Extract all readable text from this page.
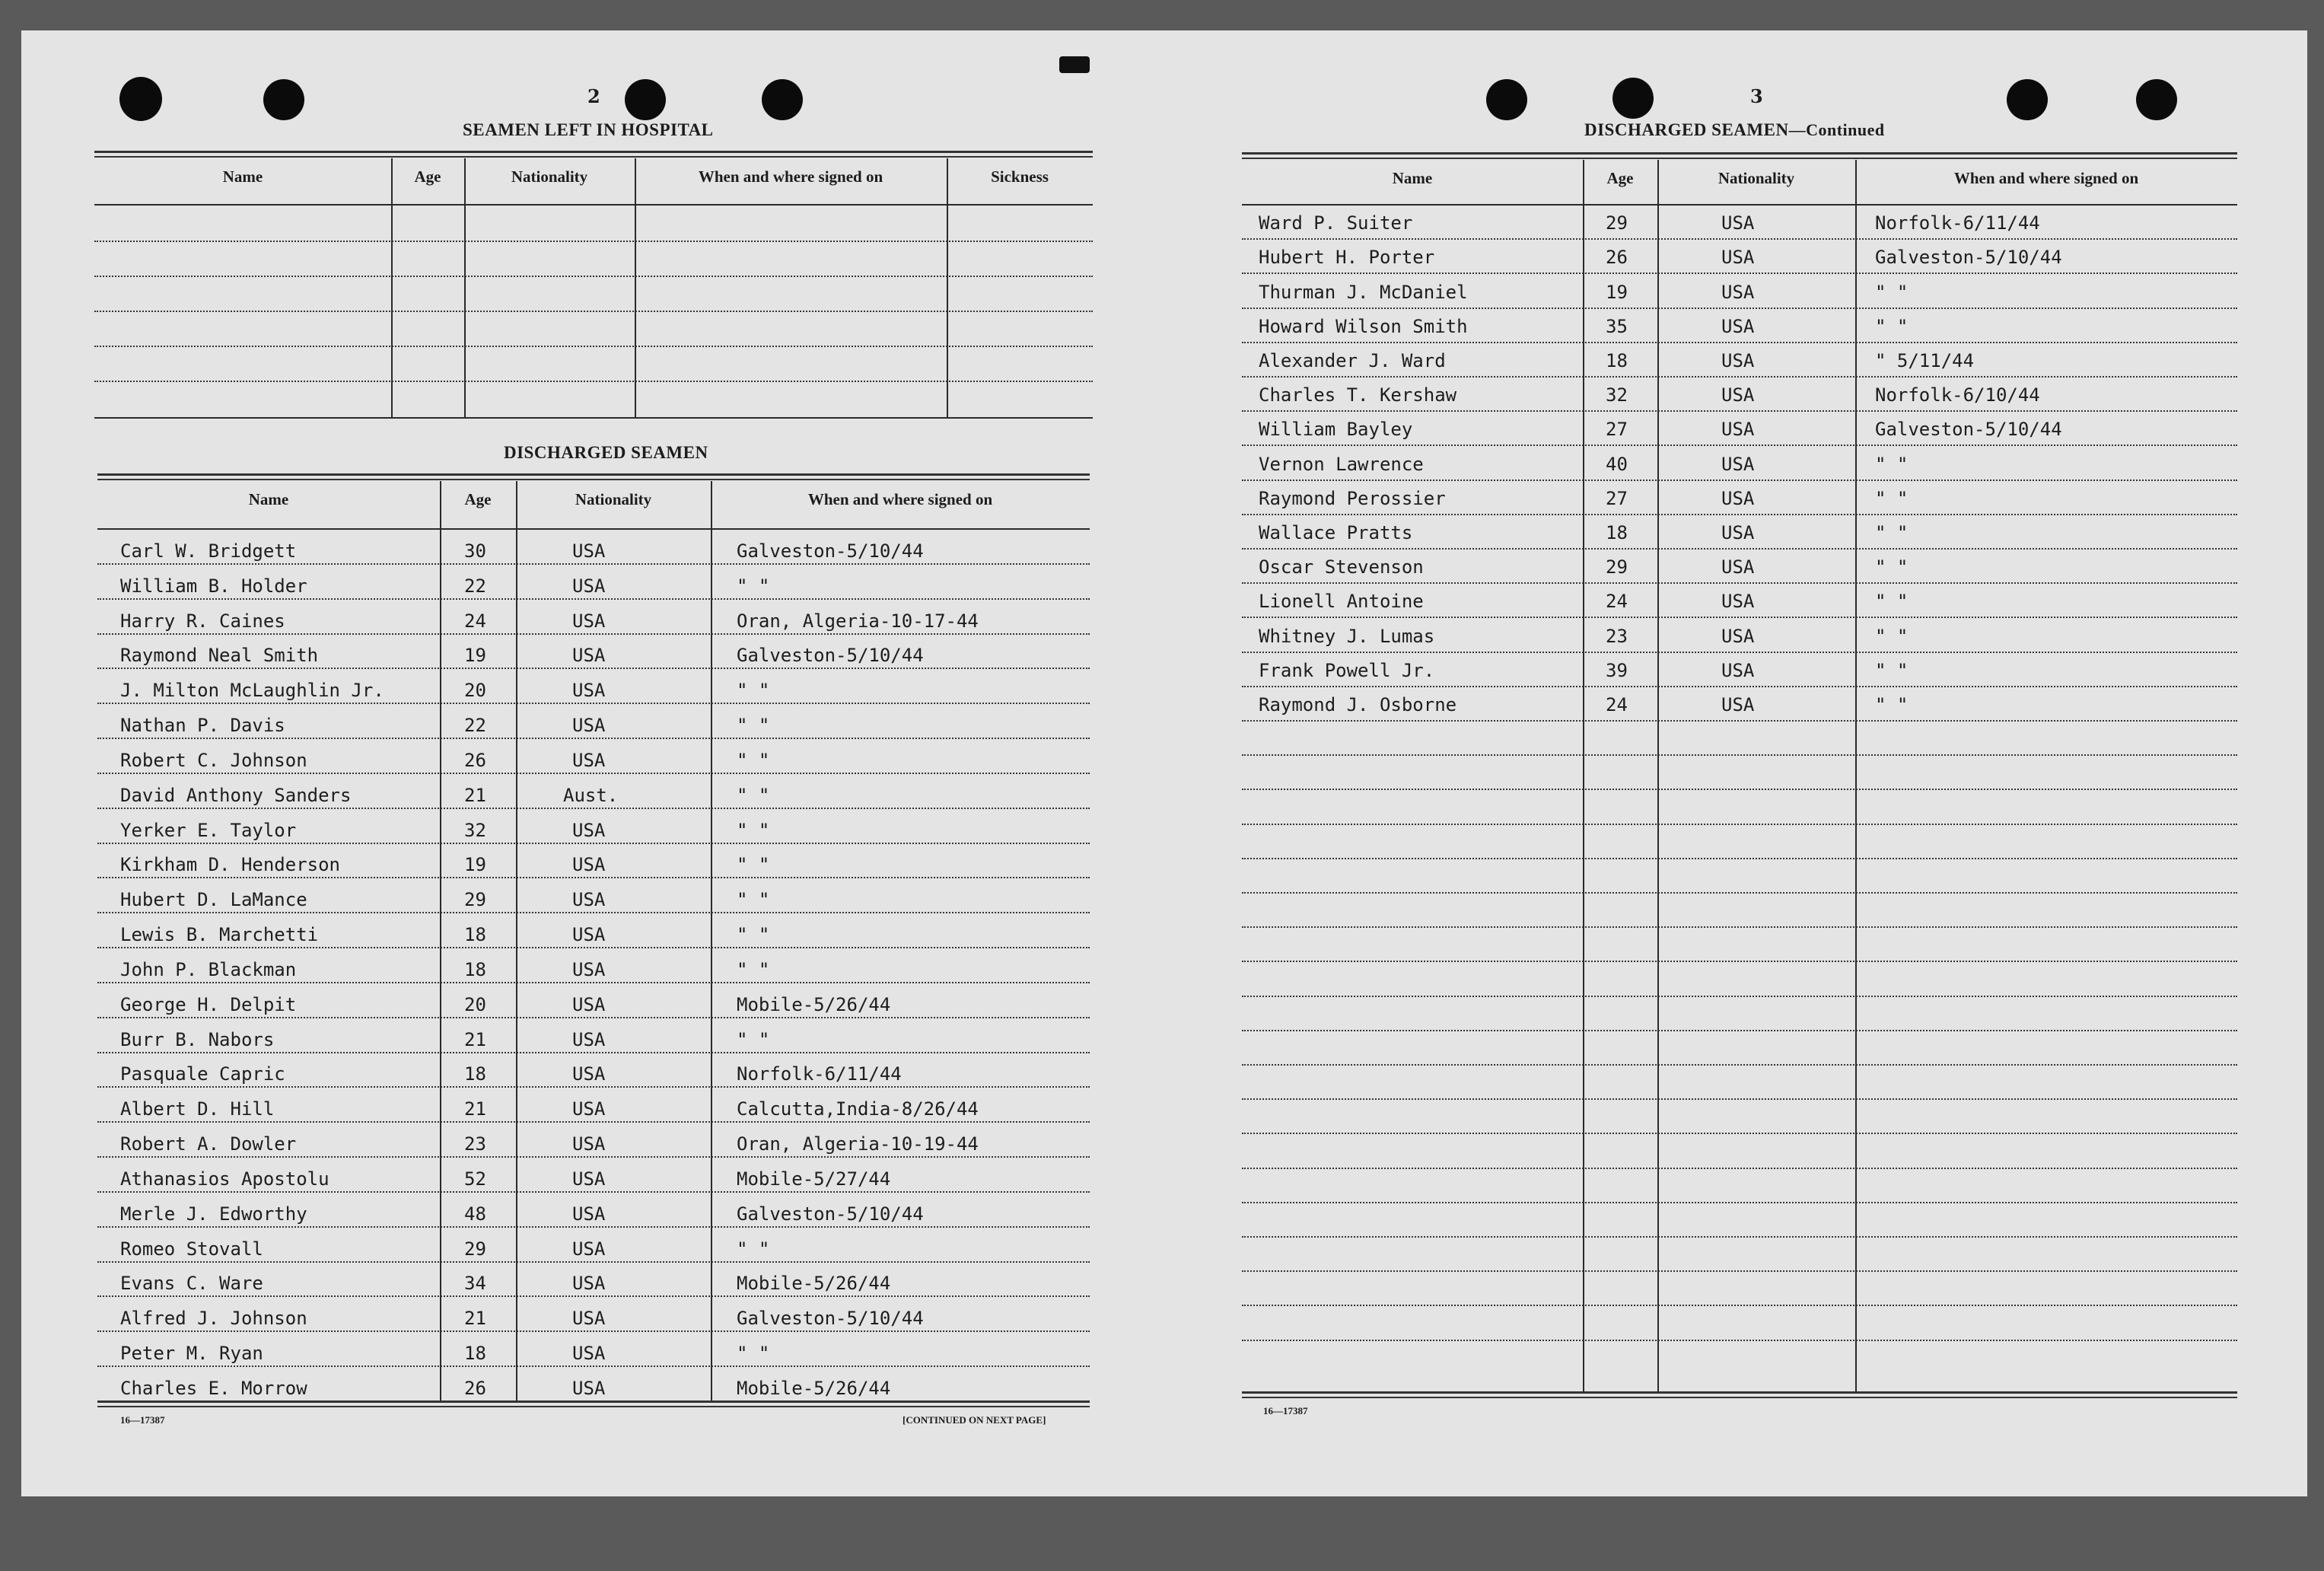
2
SEAMEN LEFT IN HOSPITAL
Name	Age	Nationality	When and where signed on	Sickness
DISCHARGED SEAMEN
Name	Age	Nationality	When and where signed on
Carl W. Bridgett	30	USA	Galveston-5/10/44
William B. Holder	22	USA	" "
Harry R. Caines	24	USA	Oran, Algeria-10-17-44
Raymond Neal Smith	19	USA	Galveston-5/10/44
J. Milton McLaughlin Jr.	20	USA	" "
Nathan P. Davis	22	USA	" "
Robert C. Johnson	26	USA	" "
David Anthony Sanders	21	Aust.	" "
Yerker E. Taylor	32	USA	" "
Kirkham D. Henderson	19	USA	" "
Hubert D. LaMance	29	USA	" "
Lewis B. Marchetti	18	USA	" "
John P. Blackman	18	USA	" "
George H. Delpit	20	USA	Mobile-5/26/44
Burr B. Nabors	21	USA	" "
Pasquale Capric	18	USA	Norfolk-6/11/44
Albert D. Hill	21	USA	Calcutta,India-8/26/44
Robert A. Dowler	23	USA	Oran, Algeria-10-19-44
Athanasios Apostolu	52	USA	Mobile-5/27/44
Merle J. Edworthy	48	USA	Galveston-5/10/44
Romeo Stovall	29	USA	" "
Evans C. Ware	34	USA	Mobile-5/26/44
Alfred J. Johnson	21	USA	Galveston-5/10/44
Peter M. Ryan	18	USA	" "
Charles E. Morrow	26	USA	Mobile-5/26/44
16—17387	[CONTINUED ON NEXT PAGE]
3
DISCHARGED SEAMEN—Continued
Name	Age	Nationality	When and where signed on
Ward P. Suiter	29	USA	Norfolk-6/11/44
Hubert H. Porter	26	USA	Galveston-5/10/44
Thurman J. McDaniel	19	USA	" "
Howard Wilson Smith	35	USA	" "
Alexander J. Ward	18	USA	" 5/11/44
Charles T. Kershaw	32	USA	Norfolk-6/10/44
William Bayley	27	USA	Galveston-5/10/44
Vernon Lawrence	40	USA	" "
Raymond Perossier	27	USA	" "
Wallace Pratts	18	USA	" "
Oscar Stevenson	29	USA	" "
Lionell Antoine	24	USA	" "
Whitney J. Lumas	23	USA	" "
Frank Powell Jr.	39	USA	" "
Raymond J. Osborne	24	USA	" "
16—17387
